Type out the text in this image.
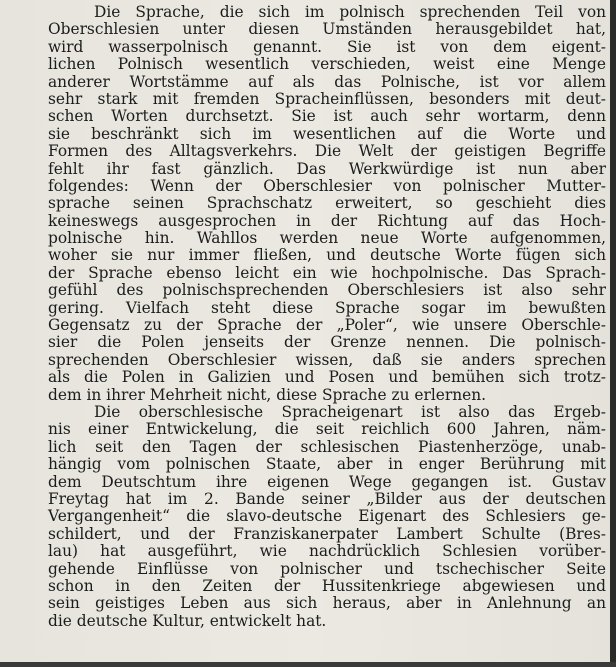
Die Sprache, die sich im polnisch sprechenden Teil von
Oberschlesien unter diesen Umständen herausgebildet hat,
wird wasserpolnisch genannt. Sie ist von dem eigent-
lichen Polnisch wesentlich verschieden, weist eine Menge
anderer Wortstämme auf als das Polnische, ist vor allem
sehr stark mit fremden Spracheinflüssen, besonders mit deut-
schen Worten durchsetzt. Sie ist auch sehr wortarm, denn
sie beschränkt sich im wesentlichen auf die Worte und
Formen des Alltagsverkehrs. Die Welt der geistigen Begriffe
fehlt ihr fast gänzlich. Das Werkwürdige ist nun aber
folgendes: Wenn der Oberschlesier von polnischer Mutter-
sprache seinen Sprachschatz erweitert, so geschieht dies
keineswegs ausgesprochen in der Richtung auf das Hoch-
polnische hin. Wahllos werden neue Worte aufgenommen,
woher sie nur immer fließen, und deutsche Worte fügen sich
der Sprache ebenso leicht ein wie hochpolnische. Das Sprach-
gefühl des polnischsprechenden Oberschlesiers ist also sehr
gering. Vielfach steht diese Sprache sogar im bewußten
Gegensatz zu der Sprache der „Poler“, wie unsere Oberschle-
sier die Polen jenseits der Grenze nennen. Die polnisch-
sprechenden Oberschlesier wissen, daß sie anders sprechen
als die Polen in Galizien und Posen und bemühen sich trotz-
dem in ihrer Mehrheit nicht, diese Sprache zu erlernen.
Die oberschlesische Spracheigenart ist also das Ergeb-
nis einer Entwickelung, die seit reichlich 600 Jahren, näm-
lich seit den Tagen der schlesischen Piastenherzöge, unab-
hängig vom polnischen Staate, aber in enger Berührung mit
dem Deutschtum ihre eigenen Wege gegangen ist. Gustav
Freytag hat im 2. Bande seiner „Bilder aus der deutschen
Vergangenheit“ die slavo-deutsche Eigenart des Schlesiers ge-
schildert, und der Franziskanerpater Lambert Schulte (Bres-
lau) hat ausgeführt, wie nachdrücklich Schlesien vorüber-
gehende Einflüsse von polnischer und tschechischer Seite
schon in den Zeiten der Hussitenkriege abgewiesen und
sein geistiges Leben aus sich heraus, aber in Anlehnung an
die deutsche Kultur, entwickelt hat.
